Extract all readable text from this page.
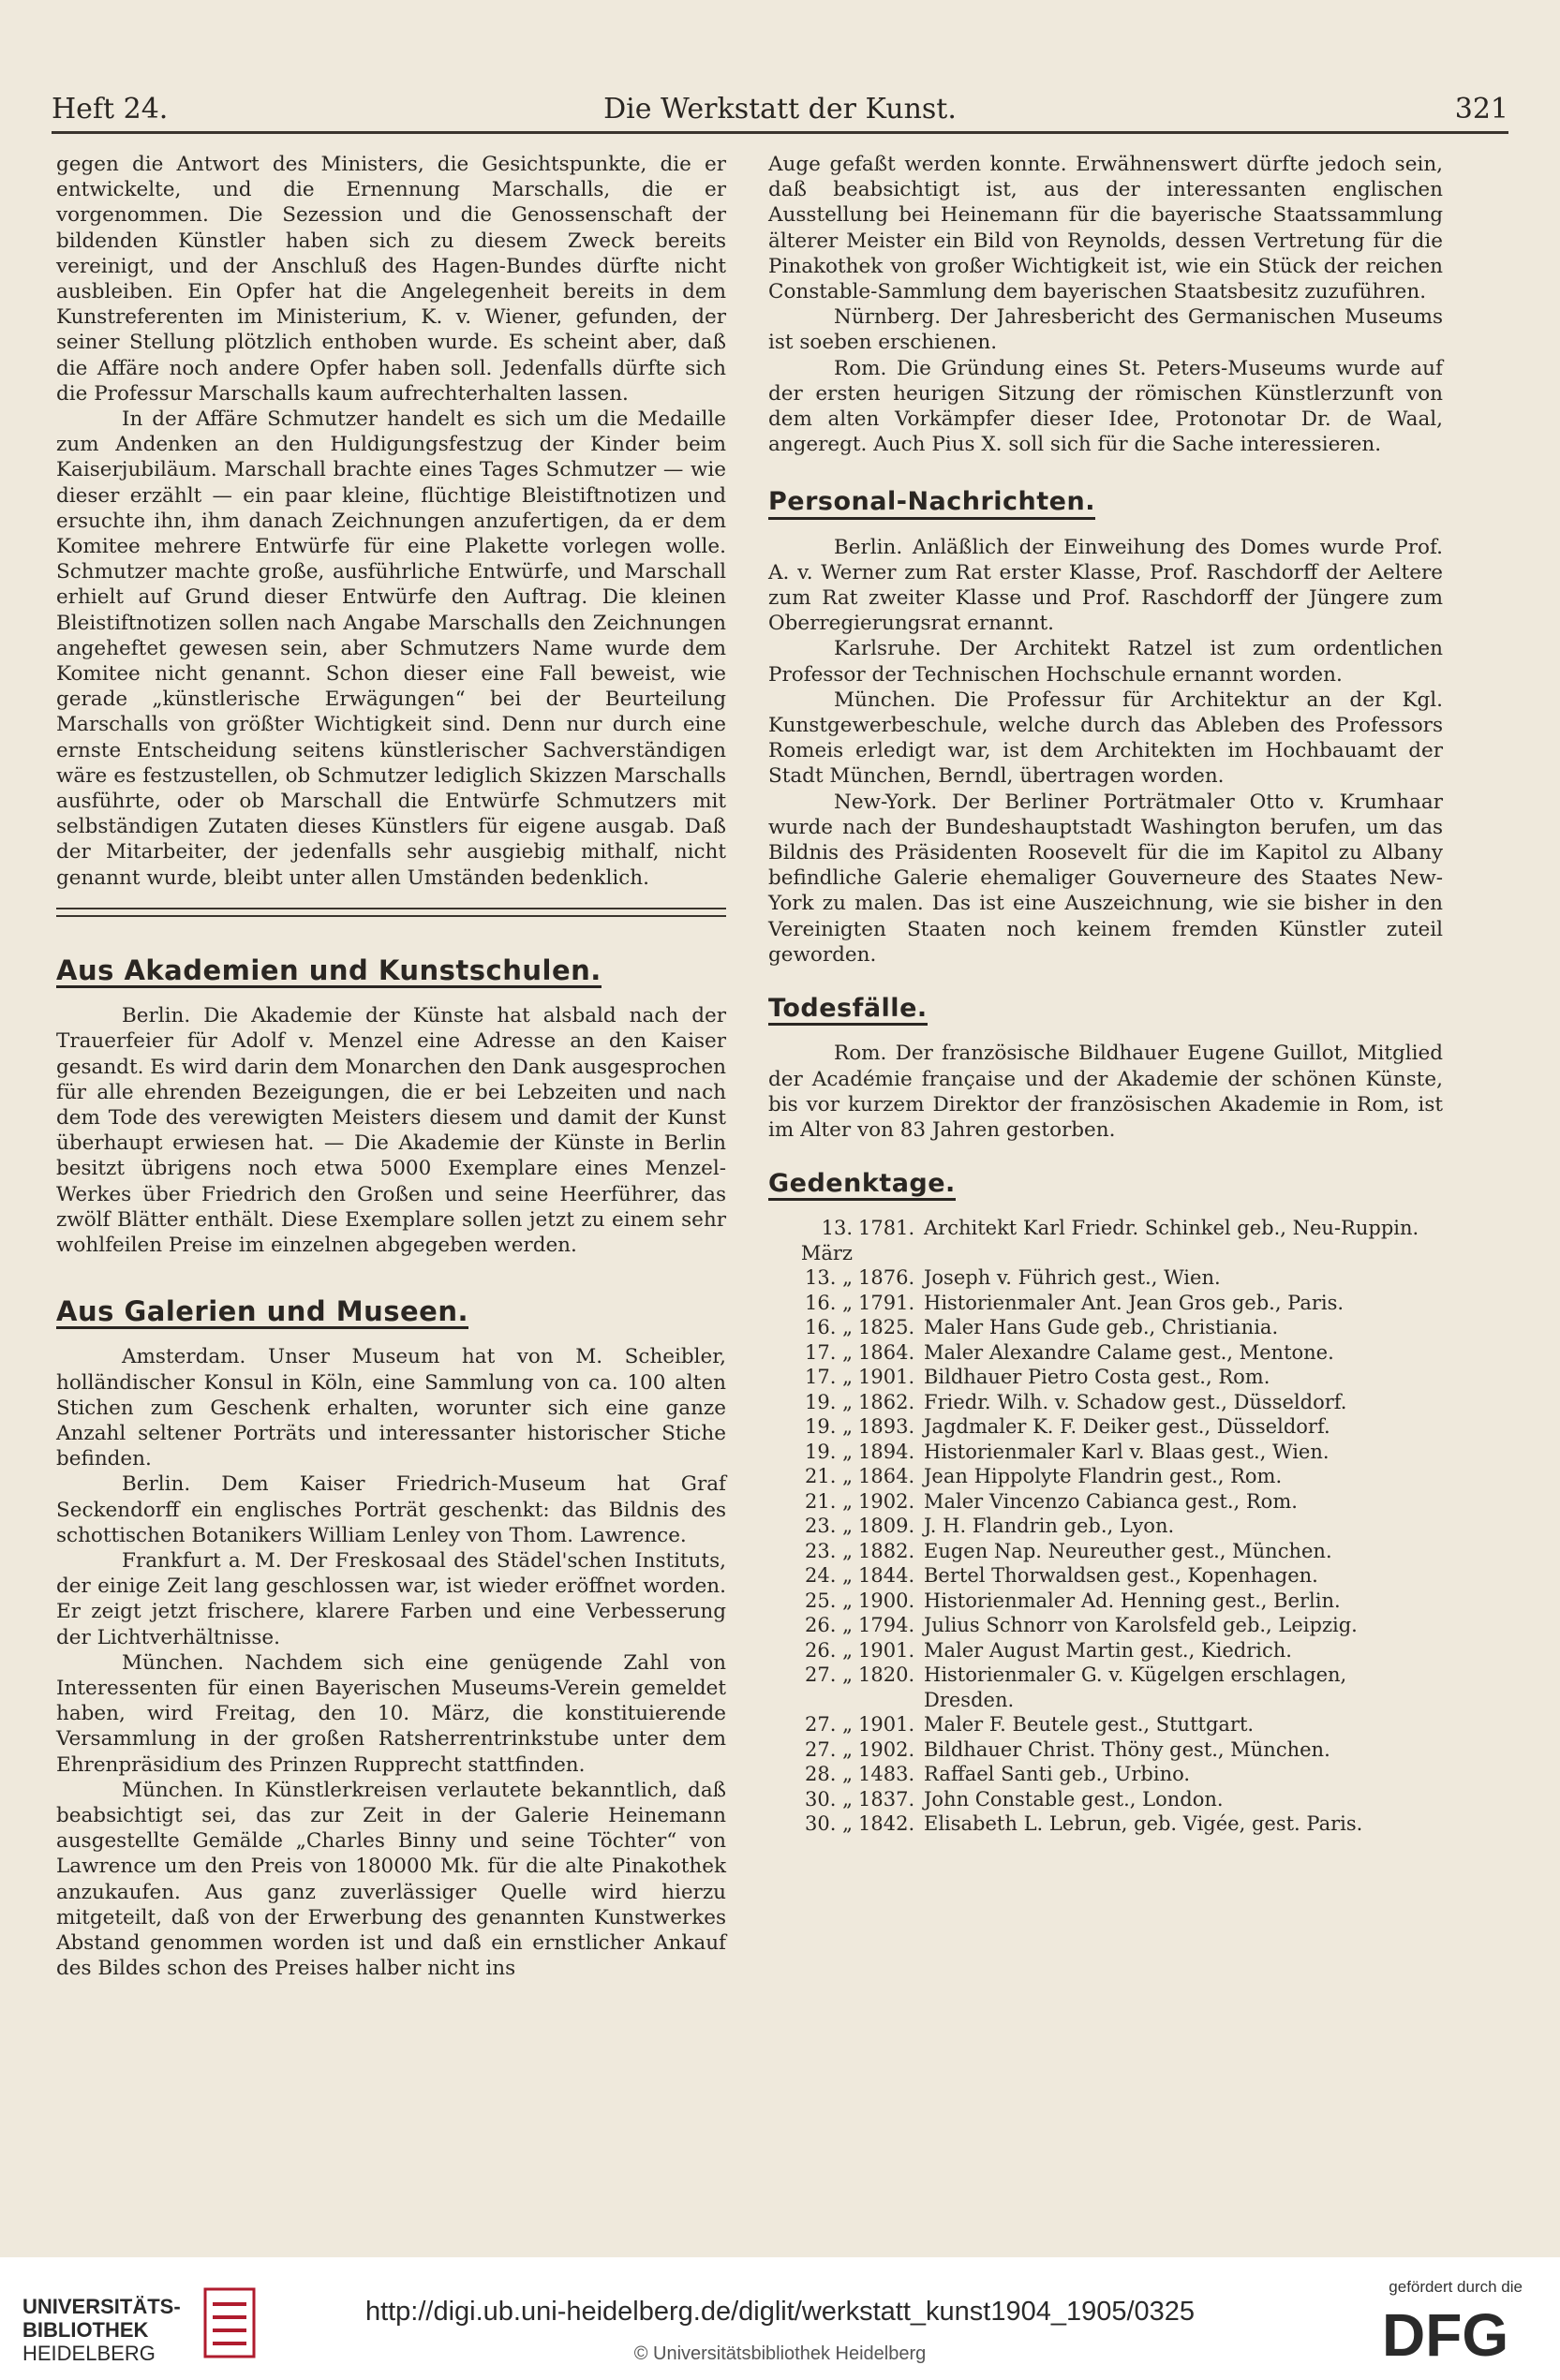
Heft 24.	Die Werkstatt der Kunst.	321

gegen die Antwort des Ministers, die Gesichtspunkte, die er entwickelte, und die Ernennung Marschalls, die er vorgenommen. Die Sezession und die Genossenschaft der bildenden Künstler haben sich zu diesem Zweck bereits vereinigt, und der Anschluß des Hagen-Bundes dürfte nicht ausbleiben. Ein Opfer hat die Angelegenheit bereits in dem Kunstreferenten im Ministerium, K. v. Wiener, gefunden, der seiner Stellung plötzlich enthoben wurde. Es scheint aber, daß die Affäre noch andere Opfer haben soll. Jedenfalls dürfte sich die Professur Marschalls kaum aufrechterhalten lassen.

In der Affäre Schmutzer handelt es sich um die Medaille zum Andenken an den Huldigungsfestzug der Kinder beim Kaiserjubiläum. Marschall brachte eines Tages Schmutzer — wie dieser erzählt — ein paar kleine, flüchtige Bleistiftnotizen und ersuchte ihn, ihm danach Zeichnungen anzufertigen, da er dem Komitee mehrere Entwürfe für eine Plakette vorlegen wolle. Schmutzer machte große, ausführliche Entwürfe, und Marschall erhielt auf Grund dieser Entwürfe den Auftrag. Die kleinen Bleistiftnotizen sollen nach Angabe Marschalls den Zeichnungen angeheftet gewesen sein, aber Schmutzers Name wurde dem Komitee nicht genannt. Schon dieser eine Fall beweist, wie gerade „künstlerische Erwägungen“ bei der Beurteilung Marschalls von größter Wichtigkeit sind. Denn nur durch eine ernste Entscheidung seitens künstlerischer Sachverständigen wäre es festzustellen, ob Schmutzer lediglich Skizzen Marschalls ausführte, oder ob Marschall die Entwürfe Schmutzers mit selbständigen Zutaten dieses Künstlers für eigene ausgab. Daß der Mitarbeiter, der jedenfalls sehr ausgiebig mithalf, nicht genannt wurde, bleibt unter allen Umständen bedenklich.

Aus Akademien und Kunstschulen.

Berlin. Die Akademie der Künste hat alsbald nach der Trauerfeier für Adolf v. Menzel eine Adresse an den Kaiser gesandt. Es wird darin dem Monarchen den Dank ausgesprochen für alle ehrenden Bezeigungen, die er bei Lebzeiten und nach dem Tode des verewigten Meisters diesem und damit der Kunst überhaupt erwiesen hat. — Die Akademie der Künste in Berlin besitzt übrigens noch etwa 5000 Exemplare eines Menzel-Werkes über Friedrich den Großen und seine Heerführer, das zwölf Blätter enthält. Diese Exemplare sollen jetzt zu einem sehr wohlfeilen Preise im einzelnen abgegeben werden.

Aus Galerien und Museen.

Amsterdam. Unser Museum hat von M. Scheibler, holländischer Konsul in Köln, eine Sammlung von ca. 100 alten Stichen zum Geschenk erhalten, worunter sich eine ganze Anzahl seltener Porträts und interessanter historischer Stiche befinden.

Berlin. Dem Kaiser Friedrich-Museum hat Graf Seckendorff ein englisches Porträt geschenkt: das Bildnis des schottischen Botanikers William Lenley von Thom. Lawrence.

Frankfurt a. M. Der Freskosaal des Städel'schen Instituts, der einige Zeit lang geschlossen war, ist wieder eröffnet worden. Er zeigt jetzt frischere, klarere Farben und eine Verbesserung der Lichtverhältnisse.

München. Nachdem sich eine genügende Zahl von Interessenten für einen Bayerischen Museums-Verein gemeldet haben, wird Freitag, den 10. März, die konstituierende Versammlung in der großen Ratsherrentrinkstube unter dem Ehrenpräsidium des Prinzen Rupprecht stattfinden.

München. In Künstlerkreisen verlautete bekanntlich, daß beabsichtigt sei, das zur Zeit in der Galerie Heinemann ausgestellte Gemälde „Charles Binny und seine Töchter“ von Lawrence um den Preis von 180000 Mk. für die alte Pinakothek anzukaufen. Aus ganz zuverlässiger Quelle wird hierzu mitgeteilt, daß von der Erwerbung des genannten Kunstwerkes Abstand genommen worden ist und daß ein ernstlicher Ankauf des Bildes schon des Preises halber nicht ins

Auge gefaßt werden konnte. Erwähnenswert dürfte jedoch sein, daß beabsichtigt ist, aus der interessanten englischen Ausstellung bei Heinemann für die bayerische Staatssammlung älterer Meister ein Bild von Reynolds, dessen Vertretung für die Pinakothek von großer Wichtigkeit ist, wie ein Stück der reichen Constable-Sammlung dem bayerischen Staatsbesitz zuzuführen.

Nürnberg. Der Jahresbericht des Germanischen Museums ist soeben erschienen.

Rom. Die Gründung eines St. Peters-Museums wurde auf der ersten heurigen Sitzung der römischen Künstlerzunft von dem alten Vorkämpfer dieser Idee, Protonotar Dr. de Waal, angeregt. Auch Pius X. soll sich für die Sache interessieren.

Personal-Nachrichten.

Berlin. Anläßlich der Einweihung des Domes wurde Prof. A. v. Werner zum Rat erster Klasse, Prof. Raschdorff der Aeltere zum Rat zweiter Klasse und Prof. Raschdorff der Jüngere zum Oberregierungsrat ernannt.

Karlsruhe. Der Architekt Ratzel ist zum ordentlichen Professor der Technischen Hochschule ernannt worden.

München. Die Professur für Architektur an der Kgl. Kunstgewerbeschule, welche durch das Ableben des Professors Romeis erledigt war, ist dem Architekten im Hochbauamt der Stadt München, Berndl, übertragen worden.

New-York. Der Berliner Porträtmaler Otto v. Krumhaar wurde nach der Bundeshauptstadt Washington berufen, um das Bildnis des Präsidenten Roosevelt für die im Kapitol zu Albany befindliche Galerie ehemaliger Gouverneure des Staates New-York zu malen. Das ist eine Auszeichnung, wie sie bisher in den Vereinigten Staaten noch keinem fremden Künstler zuteil geworden.

Todesfälle.

Rom. Der französische Bildhauer Eugene Guillot, Mitglied der Académie française und der Akademie der schönen Künste, bis vor kurzem Direktor der französischen Akademie in Rom, ist im Alter von 83 Jahren gestorben.

Gedenktage.
13. März	1781.	Architekt Karl Friedr. Schinkel geb., Neu-Ruppin.
13. „	1876.	Joseph v. Führich gest., Wien.
16. „	1791.	Historienmaler Ant. Jean Gros geb., Paris.
16. „	1825.	Maler Hans Gude geb., Christiania.
17. „	1864.	Maler Alexandre Calame gest., Mentone.
17. „	1901.	Bildhauer Pietro Costa gest., Rom.
19. „	1862.	Friedr. Wilh. v. Schadow gest., Düsseldorf.
19. „	1893.	Jagdmaler K. F. Deiker gest., Düsseldorf.
19. „	1894.	Historienmaler Karl v. Blaas gest., Wien.
21. „	1864.	Jean Hippolyte Flandrin gest., Rom.
21. „	1902.	Maler Vincenzo Cabianca gest., Rom.
23. „	1809.	J. H. Flandrin geb., Lyon.
23. „	1882.	Eugen Nap. Neureuther gest., München.
24. „	1844.	Bertel Thorwaldsen gest., Kopenhagen.
25. „	1900.	Historienmaler Ad. Henning gest., Berlin.
26. „	1794.	Julius Schnorr von Karolsfeld geb., Leipzig.
26. „	1901.	Maler August Martin gest., Kiedrich.
27. „	1820.	Historienmaler G. v. Kügelgen erschlagen, Dresden.
27. „	1901.	Maler F. Beutele gest., Stuttgart.
27. „	1902.	Bildhauer Christ. Thöny gest., München.
28. „	1483.	Raffael Santi geb., Urbino.
30. „	1837.	John Constable gest., London.
30. „	1842.	Elisabeth L. Lebrun, geb. Vigée, gest. Paris.
UNIVERSITÄTS-
BIBLIOTHEK
HEIDELBERG
http://digi.ub.uni-heidelberg.de/diglit/werkstatt_kunst1904_1905/0325
© Universitätsbibliothek Heidelberg
gefördert durch die
DFG
